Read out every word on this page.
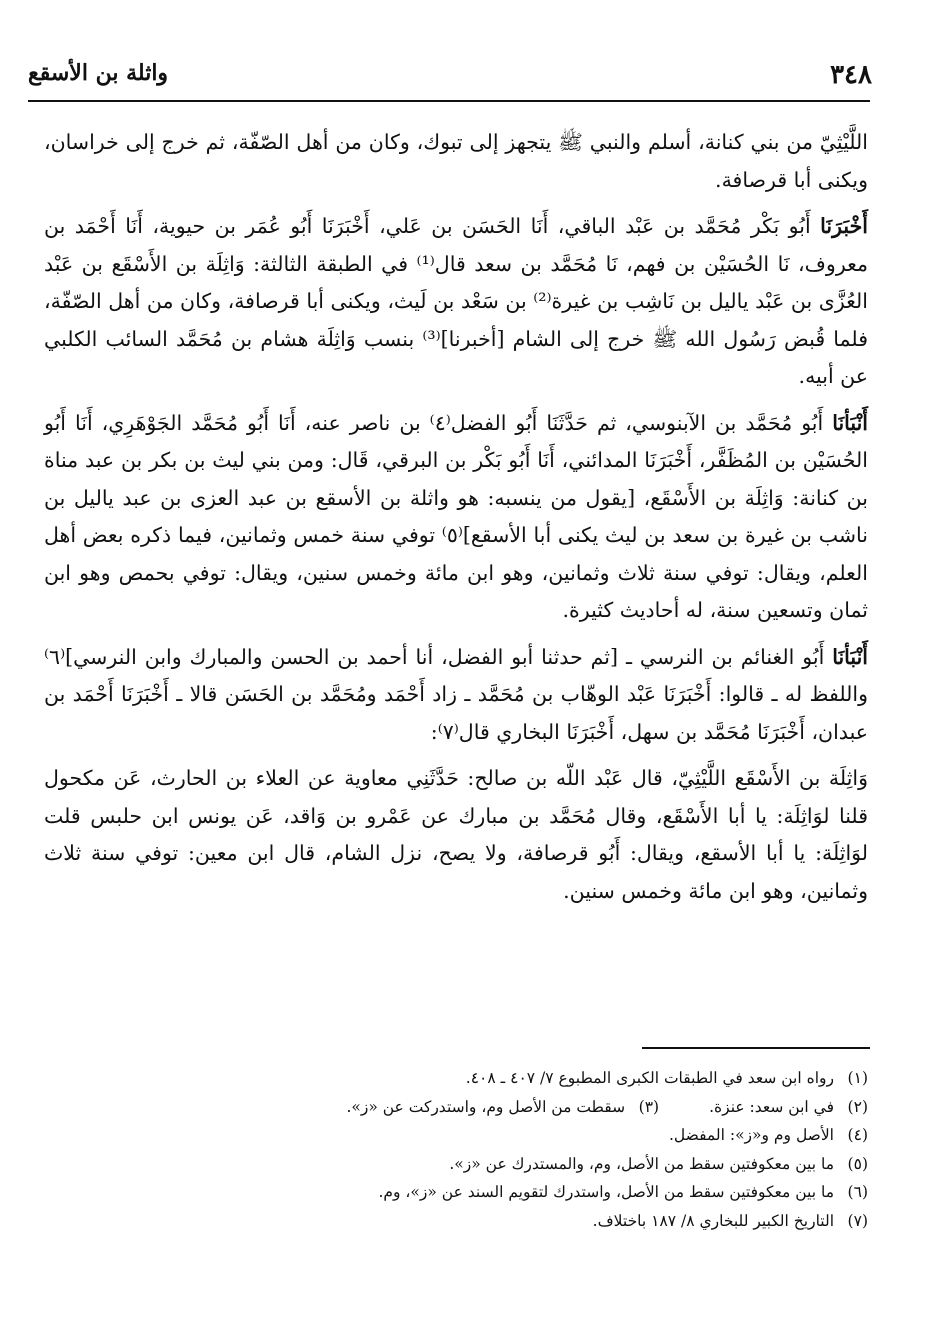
٣٤٨
واثلة بن الأسقع

اللَّيْثِيّ من بني كنانة، أسلم والنبي ﷺ يتجهز إلى تبوك، وكان من أهل الصّفّة، ثم خرج إلى خراسان، ويكنى أبا قرصافة.

أَخْبَرَنَا أَبُو بَكْر مُحَمَّد بن عَبْد الباقي، أَنَا الحَسَن بن عَلي، أَخْبَرَنَا أَبُو عُمَر بن حيوية، أَنَا أَحْمَد بن معروف، نَا الحُسَيْن بن فهم، نَا مُحَمَّد بن سعد قال⁽¹⁾ في الطبقة الثالثة: وَاثِلَة بن الأَسْقَع بن عَبْد العُزَّى بن عَبْد ياليل بن نَاشِب بن غيرة⁽²⁾ بن سَعْد بن لَيث، ويكنى أبا قرصافة، وكان من أهل الصّفّة، فلما قُبض رَسُول الله ﷺ خرج إلى الشام [أخبرنا]⁽³⁾ بنسب وَاثِلَة هشام بن مُحَمَّد السائب الكلبي عن أبيه.

أَنْبَأنَا أَبُو مُحَمَّد بن الآبنوسي، ثم حَدَّثَنَا أَبُو الفضل⁽٤⁾ بن ناصر عنه، أَنَا أَبُو مُحَمَّد الجَوْهَرِي، أَنَا أَبُو الحُسَيْن بن المُظَفَّر، أَخْبَرَنَا المدائني، أَنَا أَبُو بَكْر بن البرقي، قَال: ومن بني ليث بن بكر بن عبد مناة بن كنانة: وَاثِلَة بن الأَسْقَع، [يقول من ينسبه: هو واثلة بن الأسقع بن عبد العزى بن عبد ياليل بن ناشب بن غيرة بن سعد بن ليث يكنى أبا الأسقع]⁽٥⁾ توفي سنة خمس وثمانين، فيما ذكره بعض أهل العلم، ويقال: توفي سنة ثلاث وثمانين، وهو ابن مائة وخمس سنين، ويقال: توفي بحمص وهو ابن ثمان وتسعين سنة، له أحاديث كثيرة.

أَنْبَأنَا أَبُو الغنائم بن النرسي ـ [ثم حدثنا أبو الفضل، أنا أحمد بن الحسن والمبارك وابن النرسي]⁽٦⁾ واللفظ له ـ قالوا: أَخْبَرَنَا عَبْد الوهّاب بن مُحَمَّد ـ زاد أَحْمَد ومُحَمَّد بن الحَسَن قالا ـ أَخْبَرَنَا أَحْمَد بن عبدان، أَخْبَرَنَا مُحَمَّد بن سهل، أَخْبَرَنَا البخاري قال⁽٧⁾:

وَاثِلَة بن الأَسْقَع اللَّيْثِيّ، قال عَبْد اللّه بن صالح: حَدَّثَنِي معاوية عن العلاء بن الحارث، عَن مكحول قلنا لوَاثِلَة: يا أبا الأَسْقَع، وقال مُحَمَّد بن مبارك عن عَمْرو بن وَاقد، عَن يونس ابن حلبس قلت لوَاثِلَة: يا أبا الأسقع، ويقال: أَبُو قرصافة، ولا يصح، نزل الشام، قال ابن معين: توفي سنة ثلاث وثمانين، وهو ابن مائة وخمس سنين.

(١)
رواه ابن سعد في الطبقات الكبرى المطبوع ٧/ ٤٠٧ ـ ٤٠٨.
(٢)
في ابن سعد: عنزة.
(٣)
سقطت من الأصل وم، واستدركت عن «ز».
(٤)
الأصل وم و«ز»: المفضل.
(٥)
ما بين معكوفتين سقط من الأصل، وم، والمستدرك عن «ز».
(٦)
ما بين معكوفتين سقط من الأصل، واستدرك لتقويم السند عن «ز»، وم.
(٧)
التاريخ الكبير للبخاري ٨/ ١٨٧ باختلاف.
